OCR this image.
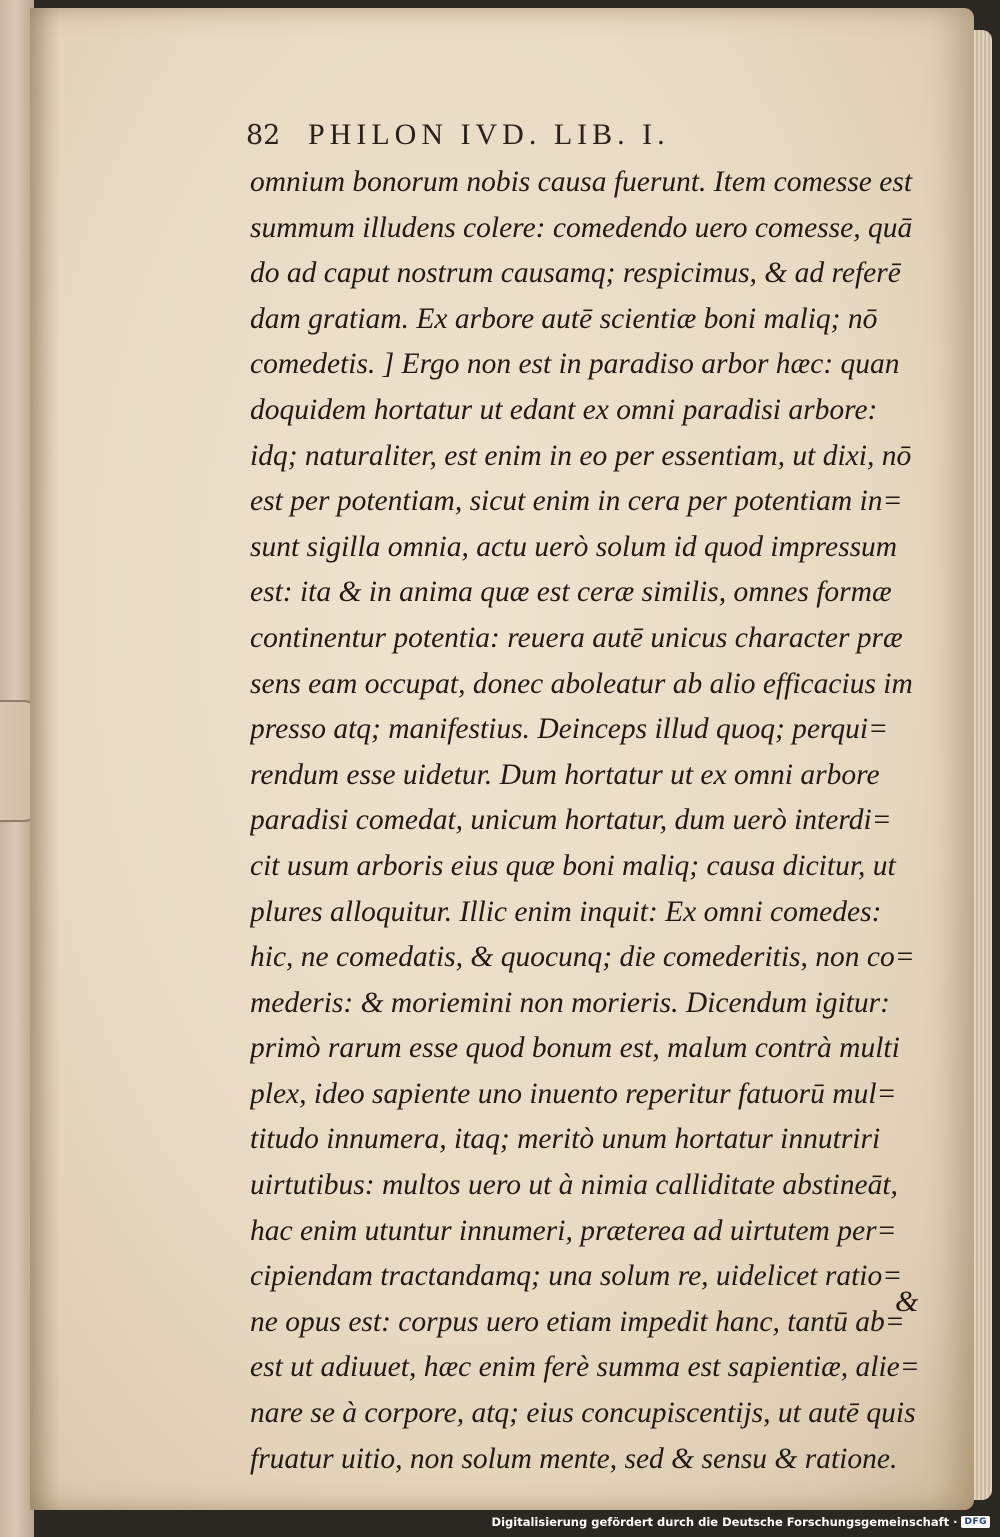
82 PHILON IVD. LIB. I.
omnium bonorum nobis causa fuerunt. Item comesse est
summum illudens colere: comedendo uero comesse, quā
do ad caput nostrum causamq; respicimus, & ad referē
dam gratiam. Ex arbore autē scientiæ boni maliq; nō
comedetis. ] Ergo non est in paradiso arbor hæc: quan
doquidem hortatur ut edant ex omni paradisi arbore:
idq; naturaliter, est enim in eo per essentiam, ut dixi, nō
est per potentiam, sicut enim in cera per potentiam in=
sunt sigilla omnia, actu uerò solum id quod impressum
est: ita & in anima quæ est ceræ similis, omnes formæ
continentur potentia: reuera autē unicus character præ
sens eam occupat, donec aboleatur ab alio efficacius im
presso atq; manifestius. Deinceps illud quoq; perqui=
rendum esse uidetur. Dum hortatur ut ex omni arbore
paradisi comedat, unicum hortatur, dum uerò interdi=
cit usum arboris eius quæ boni maliq; causa dicitur, ut
plures alloquitur. Illic enim inquit: Ex omni comedes:
hic, ne comedatis, & quocunq; die comederitis, non co=
mederis: & moriemini non morieris. Dicendum igitur:
primò rarum esse quod bonum est, malum contrà multi
plex, ideo sapiente uno inuento reperitur fatuorū mul=
titudo innumera, itaq; meritò unum hortatur innutriri
uirtutibus: multos uero ut à nimia calliditate abstineāt,
hac enim utuntur innumeri, præterea ad uirtutem per=
cipiendam tractandamq; una solum re, uidelicet ratio=
ne opus est: corpus uero etiam impedit hanc, tantū ab=
est ut adiuuet, hæc enim ferè summa est sapientiæ, alie=
nare se à corpore, atq; eius concupiscentijs, ut autē quis
fruatur uitio, non solum mente, sed & sensu & ratione.
&
Digitalisierung gefördert durch die Deutsche Forschungsgemeinschaft · DFG
